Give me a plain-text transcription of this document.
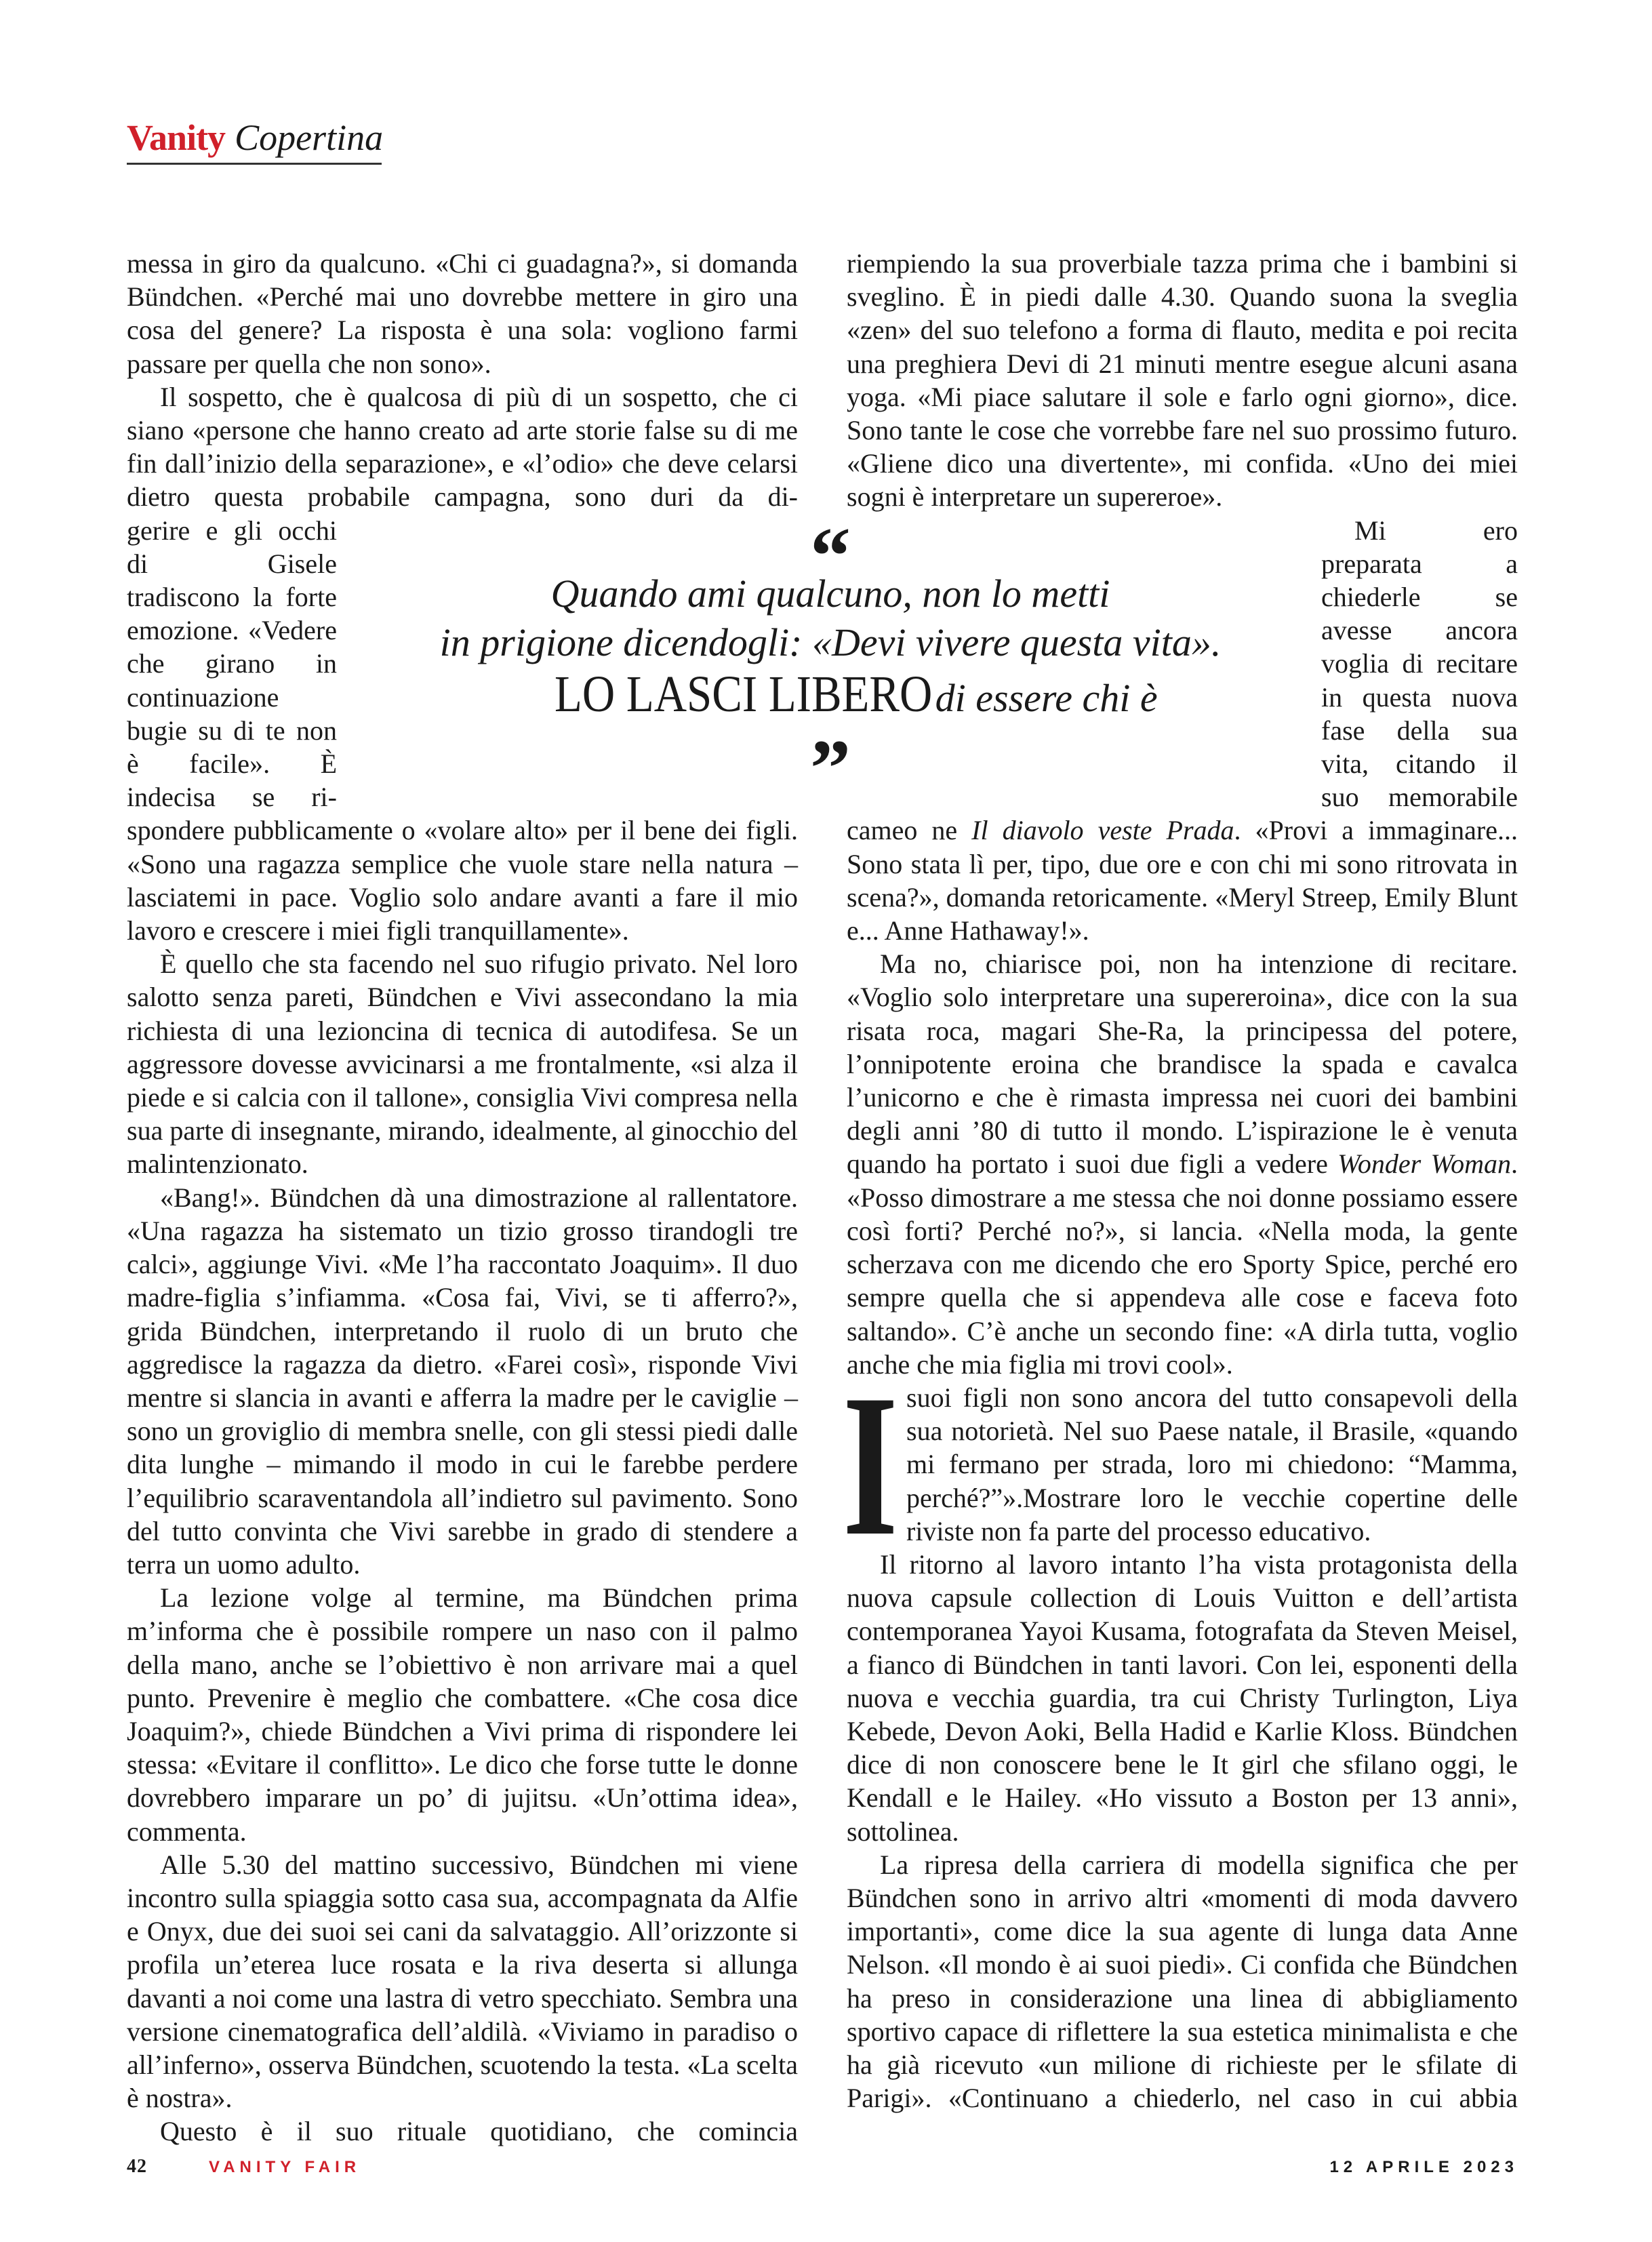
Vanity Copertina

messa in giro da qualcuno. «Chi ci guadagna?», si domanda Bündchen. «Perché mai uno dovrebbe mettere in giro una cosa del genere? La risposta è una sola: vogliono farmi passare per quella che non sono».

Il sospetto, che è qualcosa di più di un sospetto, che ci siano «persone che hanno creato ad arte storie false su di me fin dall’inizio della separazione», e «l’odio» che deve celarsi dietro questa probabile campagna, sono duri da di-

gerire e gli occhi di Gisele tradiscono la forte emozione. «Vedere che girano in continuazione bugie su di te non è facile». È indecisa se ri-

spondere pubblicamente o «volare alto» per il bene dei figli. «Sono una ragazza semplice che vuole stare nella natura – lasciatemi in pace. Voglio solo andare avanti a fare il mio lavoro e crescere i miei figli tranquillamente».

È quello che sta facendo nel suo rifugio privato. Nel loro salotto senza pareti, Bündchen e Vivi assecondano la mia richiesta di una lezioncina di tecnica di autodifesa. Se un aggressore dovesse avvicinarsi a me frontalmente, «si alza il piede e si calcia con il tallone», consiglia Vivi compresa nella sua parte di insegnante, mirando, idealmente, al ginocchio del malintenzionato.

«Bang!». Bündchen dà una dimostrazione al rallentatore. «Una ragazza ha sistemato un tizio grosso tirandogli tre calci», aggiunge Vivi. «Me l’ha raccontato Joaquim». Il duo madre-figlia s’infiamma. «Cosa fai, Vivi, se ti afferro?», grida Bündchen, interpretando il ruolo di un bruto che aggredisce la ragazza da dietro. «Farei così», risponde Vivi mentre si slancia in avanti e afferra la madre per le caviglie – sono un groviglio di membra snelle, con gli stessi piedi dalle dita lunghe – mimando il modo in cui le farebbe perdere l’equilibrio scaraventandola all’indietro sul pavimento. Sono del tutto convinta che Vivi sarebbe in grado di stendere a terra un uomo adulto.

La lezione volge al termine, ma Bündchen prima m’informa che è possibile rompere un naso con il palmo della mano, anche se l’obiettivo è non arrivare mai a quel punto. Prevenire è meglio che combattere. «Che cosa dice Joaquim?», chiede Bündchen a Vivi prima di rispondere lei stessa: «Evitare il conflitto». Le dico che forse tutte le donne dovrebbero imparare un po’ di jujitsu. «Un’ottima idea», commenta.

Alle 5.30 del mattino successivo, Bündchen mi viene incontro sulla spiaggia sotto casa sua, accompagnata da Alfie e Onyx, due dei suoi sei cani da salvataggio. All’orizzonte si profila un’eterea luce rosata e la riva deserta si allunga davanti a noi come una lastra di vetro specchiato. Sembra una versione cinematografica dell’aldilà. «Viviamo in paradiso o all’inferno», osserva Bündchen, scuotendo la testa. «La scelta è nostra».

Questo è il suo rituale quotidiano, che comincia

riempiendo la sua proverbiale tazza prima che i bambini si sveglino. È in piedi dalle 4.30. Quando suona la sveglia «zen» del suo telefono a forma di flauto, medita e poi recita una preghiera Devi di 21 minuti mentre esegue alcuni asana yoga. «Mi piace salutare il sole e farlo ogni giorno», dice. Sono tante le cose che vorrebbe fare nel suo prossimo futuro. «Gliene dico una divertente», mi confida. «Uno dei miei sogni è interpretare un supereroe».

Mi ero preparata a chiederle se avesse ancora voglia di recitare in questa nuova fase della sua vita, citando il suo memorabile

cameo ne Il diavolo veste Prada. «Provi a immaginare... Sono stata lì per, tipo, due ore e con chi mi sono ritrovata in scena?», domanda retoricamente. «Meryl Streep, Emily Blunt e... Anne Hathaway!».

Ma no, chiarisce poi, non ha intenzione di recitare. «Voglio solo interpretare una supereroina», dice con la sua risata roca, magari She-Ra, la principessa del potere, l’onnipotente eroina che brandisce la spada e cavalca l’unicorno e che è rimasta impressa nei cuori dei bambini degli anni ’80 di tutto il mondo. L’ispirazione le è venuta quando ha portato i suoi due figli a vedere Wonder Woman. «Posso dimostrare a me stessa che noi donne possiamo essere così forti? Perché no?», si lancia. «Nella moda, la gente scherzava con me dicendo che ero Sporty Spice, perché ero sempre quella che si appendeva alle cose e faceva foto saltando». C’è anche un secondo fine: «A dirla tutta, voglio anche che mia figlia mi trovi cool».

I suoi figli non sono ancora del tutto consapevoli della sua notorietà. Nel suo Paese natale, il Brasile, «quando mi fermano per strada, loro mi chiedono: “Mamma, perché?”».Mostrare loro le vecchie copertine delle riviste non fa parte del processo educativo.

Il ritorno al lavoro intanto l’ha vista protagonista della nuova capsule collection di Louis Vuitton e dell’artista contemporanea Yayoi Kusama, fotografata da Steven Meisel, a fianco di Bündchen in tanti lavori. Con lei, esponenti della nuova e vecchia guardia, tra cui Christy Turlington, Liya Kebede, Devon Aoki, Bella Hadid e Karlie Kloss. Bündchen dice di non conoscere bene le It girl che sfilano oggi, le Kendall e le Hailey. «Ho vissuto a Boston per 13 anni», sottolinea.

La ripresa della carriera di modella significa che per Bündchen sono in arrivo altri «momenti di moda davvero importanti», come dice la sua agente di lunga data Anne Nelson. «Il mondo è ai suoi piedi». Ci confida che Bündchen ha preso in considerazione una linea di abbigliamento sportivo capace di riflettere la sua estetica minimalista e che ha già ricevuto «un milione di richieste per le sfilate di Parigi». «Continuano a chiederlo, nel caso in cui abbia

Quando ami qualcuno, non lo metti
in prigione dicendogli: «Devi vivere questa vita».
LO LASCI LIBERO di essere chi è
42	VANITY FAIR	12 APRILE 2023
